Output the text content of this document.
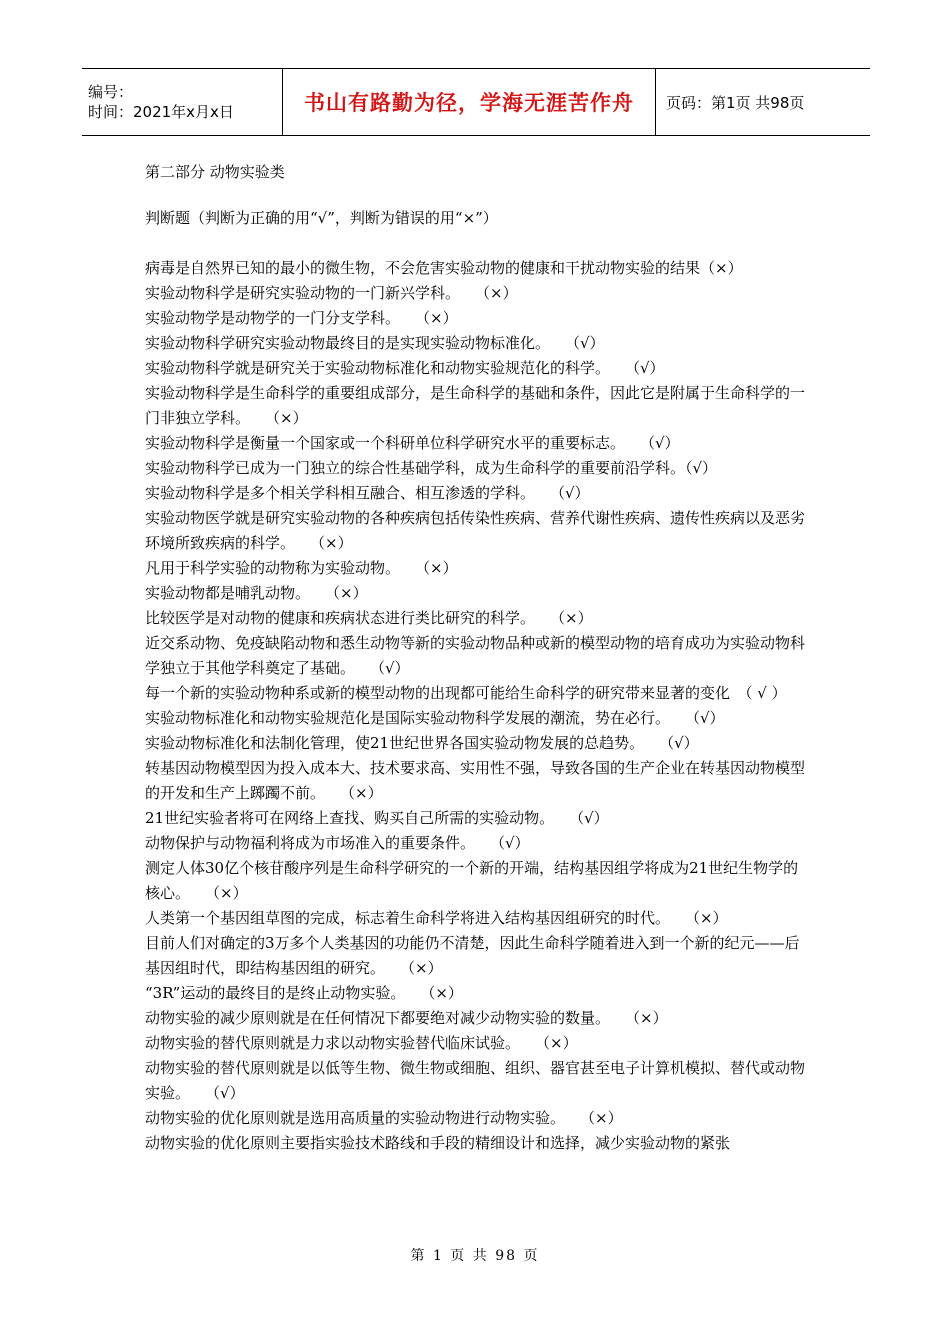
编号：
时间：2021年x月x日	书山有路勤为径，学海无涯苦作舟 页码：第1页 共98页

第二部分 动物实验类

判断题（判断为正确的用“√”，判断为错误的用“×”）

病毒是自然界已知的最小的微生物，不会危害实验动物的健康和干扰动物实验的结果（×）

实验动物科学是研究实验动物的一门新兴学科。　　（×）

实验动物学是动物学的一门分支学科。　　（×）

实验动物科学研究实验动物最终目的是实现实验动物标准化。　　（√）

实验动物科学就是研究关于实验动物标准化和动物实验规范化的科学。　　（√）

实验动物科学是生命科学的重要组成部分，是生命科学的基础和条件，因此它是附属于生命科学的一门非独立学科。　　（×）

实验动物科学是衡量一个国家或一个科研单位科学研究水平的重要标志。　　（√）

实验动物科学已成为一门独立的综合性基础学科，成为生命科学的重要前沿学科。（√）

实验动物科学是多个相关学科相互融合、相互渗透的学科。　　（√）

实验动物医学就是研究实验动物的各种疾病包括传染性疾病、营养代谢性疾病、遗传性疾病以及恶劣环境所致疾病的科学。　　（×）

凡用于科学实验的动物称为实验动物。　　（×）

实验动物都是哺乳动物。　　（×）

比较医学是对动物的健康和疾病状态进行类比研究的科学。　　（×）

近交系动物、免疫缺陷动物和悉生动物等新的实验动物品种或新的模型动物的培育成功为实验动物科学独立于其他学科奠定了基础。　　（√）

每一个新的实验动物种系或新的模型动物的出现都可能给生命科学的研究带来显著的变化　（ √ ）

实验动物标准化和动物实验规范化是国际实验动物科学发展的潮流，势在必行。　　（√）

实验动物标准化和法制化管理，使21世纪世界各国实验动物发展的总趋势。　　（√）

转基因动物模型因为投入成本大、技术要求高、实用性不强，导致各国的生产企业在转基因动物模型的开发和生产上踯躅不前。　　（×）

21世纪实验者将可在网络上查找、购买自己所需的实验动物。　　（√）

动物保护与动物福利将成为市场准入的重要条件。　　（√）

测定人体30亿个核苷酸序列是生命科学研究的一个新的开端，结构基因组学将成为21世纪生物学的核心。　　（×）

人类第一个基因组草图的完成，标志着生命科学将进入结构基因组研究的时代。　　（×）

目前人们对确定的3万多个人类基因的功能仍不清楚，因此生命科学随着进入到一个新的纪元——后基因组时代，即结构基因组的研究。　　（×）

“3R”运动的最终目的是终止动物实验。　　（×）

动物实验的减少原则就是在任何情况下都要绝对减少动物实验的数量。　　（×）

动物实验的替代原则就是力求以动物实验替代临床试验。　　（×）

动物实验的替代原则就是以低等生物、微生物或细胞、组织、器官甚至电子计算机模拟、替代或动物实验。　　（√）

动物实验的优化原则就是选用高质量的实验动物进行动物实验。　　（×）

动物实验的优化原则主要指实验技术路线和手段的精细设计和选择，减少实验动物的紧张

第 1 页 共 98 页
